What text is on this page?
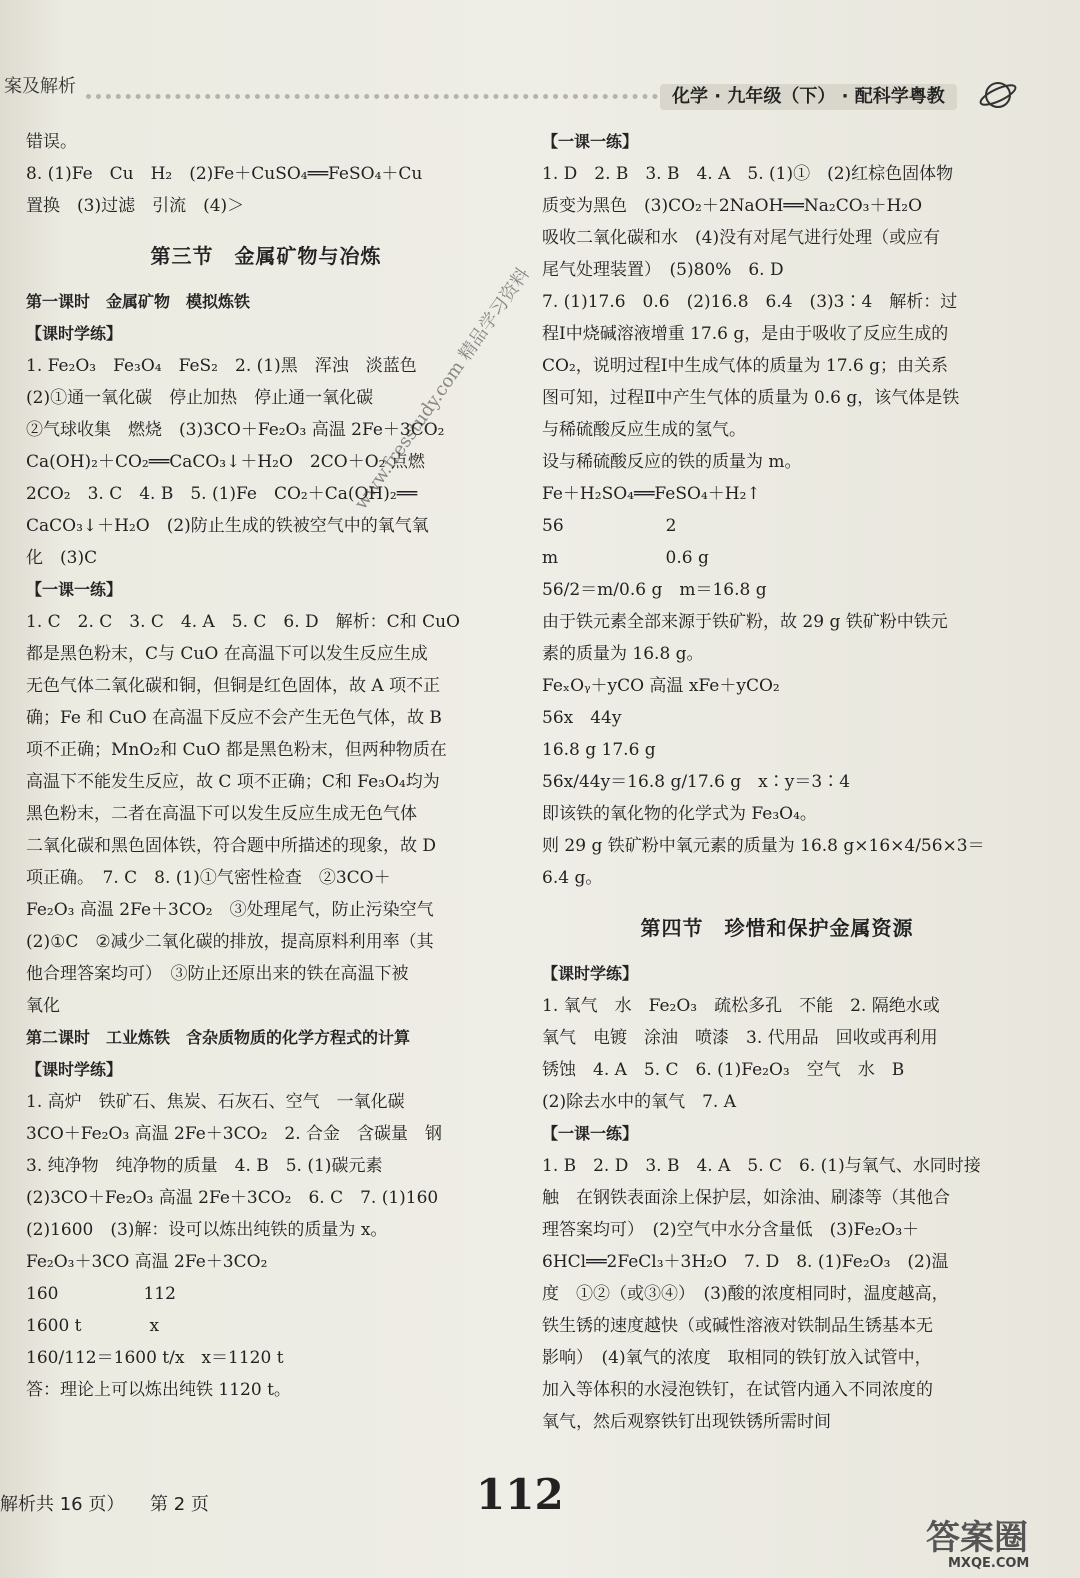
案及解析	化学 · 九年级（下） · 配科学粤教

错误。

8. (1)Fe　Cu　H₂　(2)Fe＋CuSO₄══FeSO₄＋Cu

置换　(3)过滤　引流　(4)＞

第三节　金属矿物与冶炼

第一课时　金属矿物　模拟炼铁

【课时学练】

1. Fe₂O₃　Fe₃O₄　FeS₂　2. (1)黑　浑浊　淡蓝色

(2)①通一氧化碳　停止加热　停止通一氧化碳

②气球收集　燃烧　(3)3CO＋Fe₂O₃ 高温 2Fe＋3CO₂

Ca(OH)₂＋CO₂══CaCO₃↓＋H₂O　2CO＋O₂ 点燃

2CO₂　3. C　4. B　5. (1)Fe　CO₂＋Ca(OH)₂══

CaCO₃↓＋H₂O　(2)防止生成的铁被空气中的氧气氧

化　(3)C

【一课一练】

1. C　2. C　3. C　4. A　5. C　6. D　解析：C和 CuO

都是黑色粉末，C与 CuO 在高温下可以发生反应生成

无色气体二氧化碳和铜，但铜是红色固体，故 A 项不正

确；Fe 和 CuO 在高温下反应不会产生无色气体，故 B

项不正确；MnO₂和 CuO 都是黑色粉末，但两种物质在

高温下不能发生反应，故 C 项不正确；C和 Fe₃O₄均为

黑色粉末，二者在高温下可以发生反应生成无色气体

二氧化碳和黑色固体铁，符合题中所描述的现象，故 D

项正确。　7. C　8. (1)①气密性检查　②3CO＋

Fe₂O₃ 高温 2Fe＋3CO₂　③处理尾气，防止污染空气

(2)①C　②减少二氧化碳的排放，提高原料利用率（其

他合理答案均可）　③防止还原出来的铁在高温下被

氧化

第二课时　工业炼铁　含杂质物质的化学方程式的计算

【课时学练】

1. 高炉　铁矿石、焦炭、石灰石、空气　一氧化碳

3CO＋Fe₂O₃ 高温 2Fe＋3CO₂　2. 合金　含碳量　钢

3. 纯净物　纯净物的质量　4. B　5. (1)碳元素

(2)3CO＋Fe₂O₃ 高温 2Fe＋3CO₂　6. C　7. (1)160

(2)1600　(3)解：设可以炼出纯铁的质量为 x。

Fe₂O₃＋3CO 高温 2Fe＋3CO₂

160　　　　　112

1600 t　　　　x

160/112＝1600 t/x　x＝1120 t

答：理论上可以炼出纯铁 1120 t。

【一课一练】

1. D　2. B　3. B　4. A　5. (1)①　(2)红棕色固体物

质变为黑色　(3)CO₂＋2NaOH══Na₂CO₃＋H₂O

吸收二氧化碳和水　(4)没有对尾气进行处理（或应有

尾气处理装置）　(5)80%　6. D

7. (1)17.6　0.6　(2)16.8　6.4　(3)3∶4　解析：过

程Ⅰ中烧碱溶液增重 17.6 g，是由于吸收了反应生成的

CO₂，说明过程Ⅰ中生成气体的质量为 17.6 g；由关系

图可知，过程Ⅱ中产生气体的质量为 0.6 g，该气体是铁

与稀硫酸反应生成的氢气。

设与稀硫酸反应的铁的质量为 m。

Fe＋H₂SO₄══FeSO₄＋H₂↑

56　　　　　　2

m　　　　　　 0.6 g

56/2＝m/0.6 g　m＝16.8 g

由于铁元素全部来源于铁矿粉，故 29 g 铁矿粉中铁元

素的质量为 16.8 g。

FeₓOᵧ＋yCO 高温 xFe＋yCO₂

56x　44y

16.8 g 17.6 g

56x/44y＝16.8 g/17.6 g　x∶y＝3∶4

即该铁的氧化物的化学式为 Fe₃O₄。

则 29 g 铁矿粉中氧元素的质量为 16.8 g×16×4/56×3＝

6.4 g。

第四节　珍惜和保护金属资源

【课时学练】

1. 氧气　水　Fe₂O₃　疏松多孔　不能　2. 隔绝水或

氧气　电镀　涂油　喷漆　3. 代用品　回收或再利用

锈蚀　4. A　5. C　6. (1)Fe₂O₃　空气　水　B

(2)除去水中的氧气　7. A

【一课一练】

1. B　2. D　3. B　4. A　5. C　6. (1)与氧气、水同时接

触　在钢铁表面涂上保护层，如涂油、刷漆等（其他合

理答案均可）　(2)空气中水分含量低　(3)Fe₂O₃＋

6HCl══2FeCl₃＋3H₂O　7. D　8. (1)Fe₂O₃　(2)温

度　①②（或③④）　(3)酸的浓度相同时，温度越高，

铁生锈的速度越快（或碱性溶液对铁制品生锈基本无

影响）　(4)氧气的浓度　取相同的铁钉放入试管中，

加入等体积的水浸泡铁钉，在试管内通入不同浓度的

氧气，然后观察铁钉出现铁锈所需时间

www.fresstudy.com 精品学习资料
解析共 16 页） 第 2 页	112
答案圈
MXQE.COM
